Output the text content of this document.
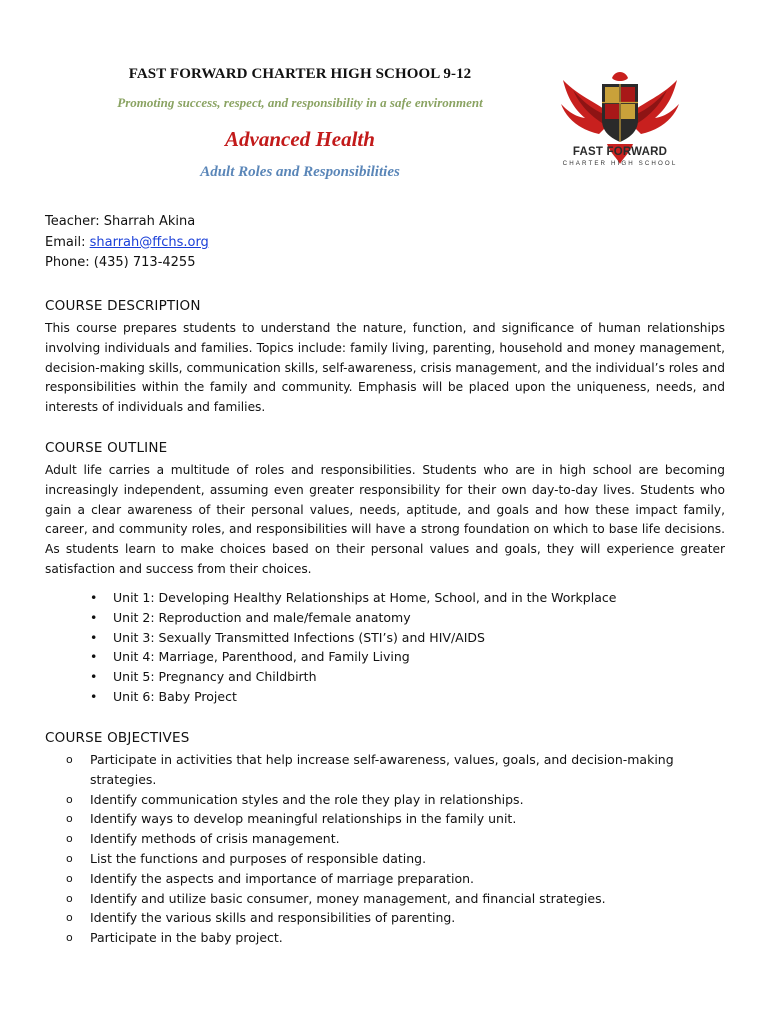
FAST FORWARD CHARTER HIGH SCHOOL 9-12
Promoting success, respect, and responsibility in a safe environment
Advanced Health
Adult Roles and Responsibilities
FAST FORWARD
CHARTER HIGH SCHOOL
Teacher: Sharrah Akina
Email: sharrah@ffchs.org
Phone: (435) 713-4255
COURSE DESCRIPTION
This course prepares students to understand the nature, function, and significance of human relationships involving individuals and families. Topics include: family living, parenting, household and money management, decision-making skills, communication skills, self-awareness, crisis management, and the individual’s roles and responsibilities within the family and community. Emphasis will be placed upon the uniqueness, needs, and interests of individuals and families.
COURSE OUTLINE
Adult life carries a multitude of roles and responsibilities. Students who are in high school are becoming increasingly independent, assuming even greater responsibility for their own day-to-day lives. Students who gain a clear awareness of their personal values, needs, aptitude, and goals and how these impact family, career, and community roles, and responsibilities will have a strong foundation on which to base life decisions. As students learn to make choices based on their personal values and goals, they will experience greater satisfaction and success from their choices.
• Unit 1: Developing Healthy Relationships at Home, School, and in the Workplace
• Unit 2: Reproduction and male/female anatomy
• Unit 3: Sexually Transmitted Infections (STI’s) and HIV/AIDS
• Unit 4: Marriage, Parenthood, and Family Living
• Unit 5: Pregnancy and Childbirth
• Unit 6: Baby Project
COURSE OBJECTIVES
o Participate in activities that help increase self-awareness, values, goals, and decision-making strategies.
o Identify communication styles and the role they play in relationships.
o Identify ways to develop meaningful relationships in the family unit.
o Identify methods of crisis management.
o List the functions and purposes of responsible dating.
o Identify the aspects and importance of marriage preparation.
o Identify and utilize basic consumer, money management, and financial strategies.
o Identify the various skills and responsibilities of parenting.
o Participate in the baby project.
